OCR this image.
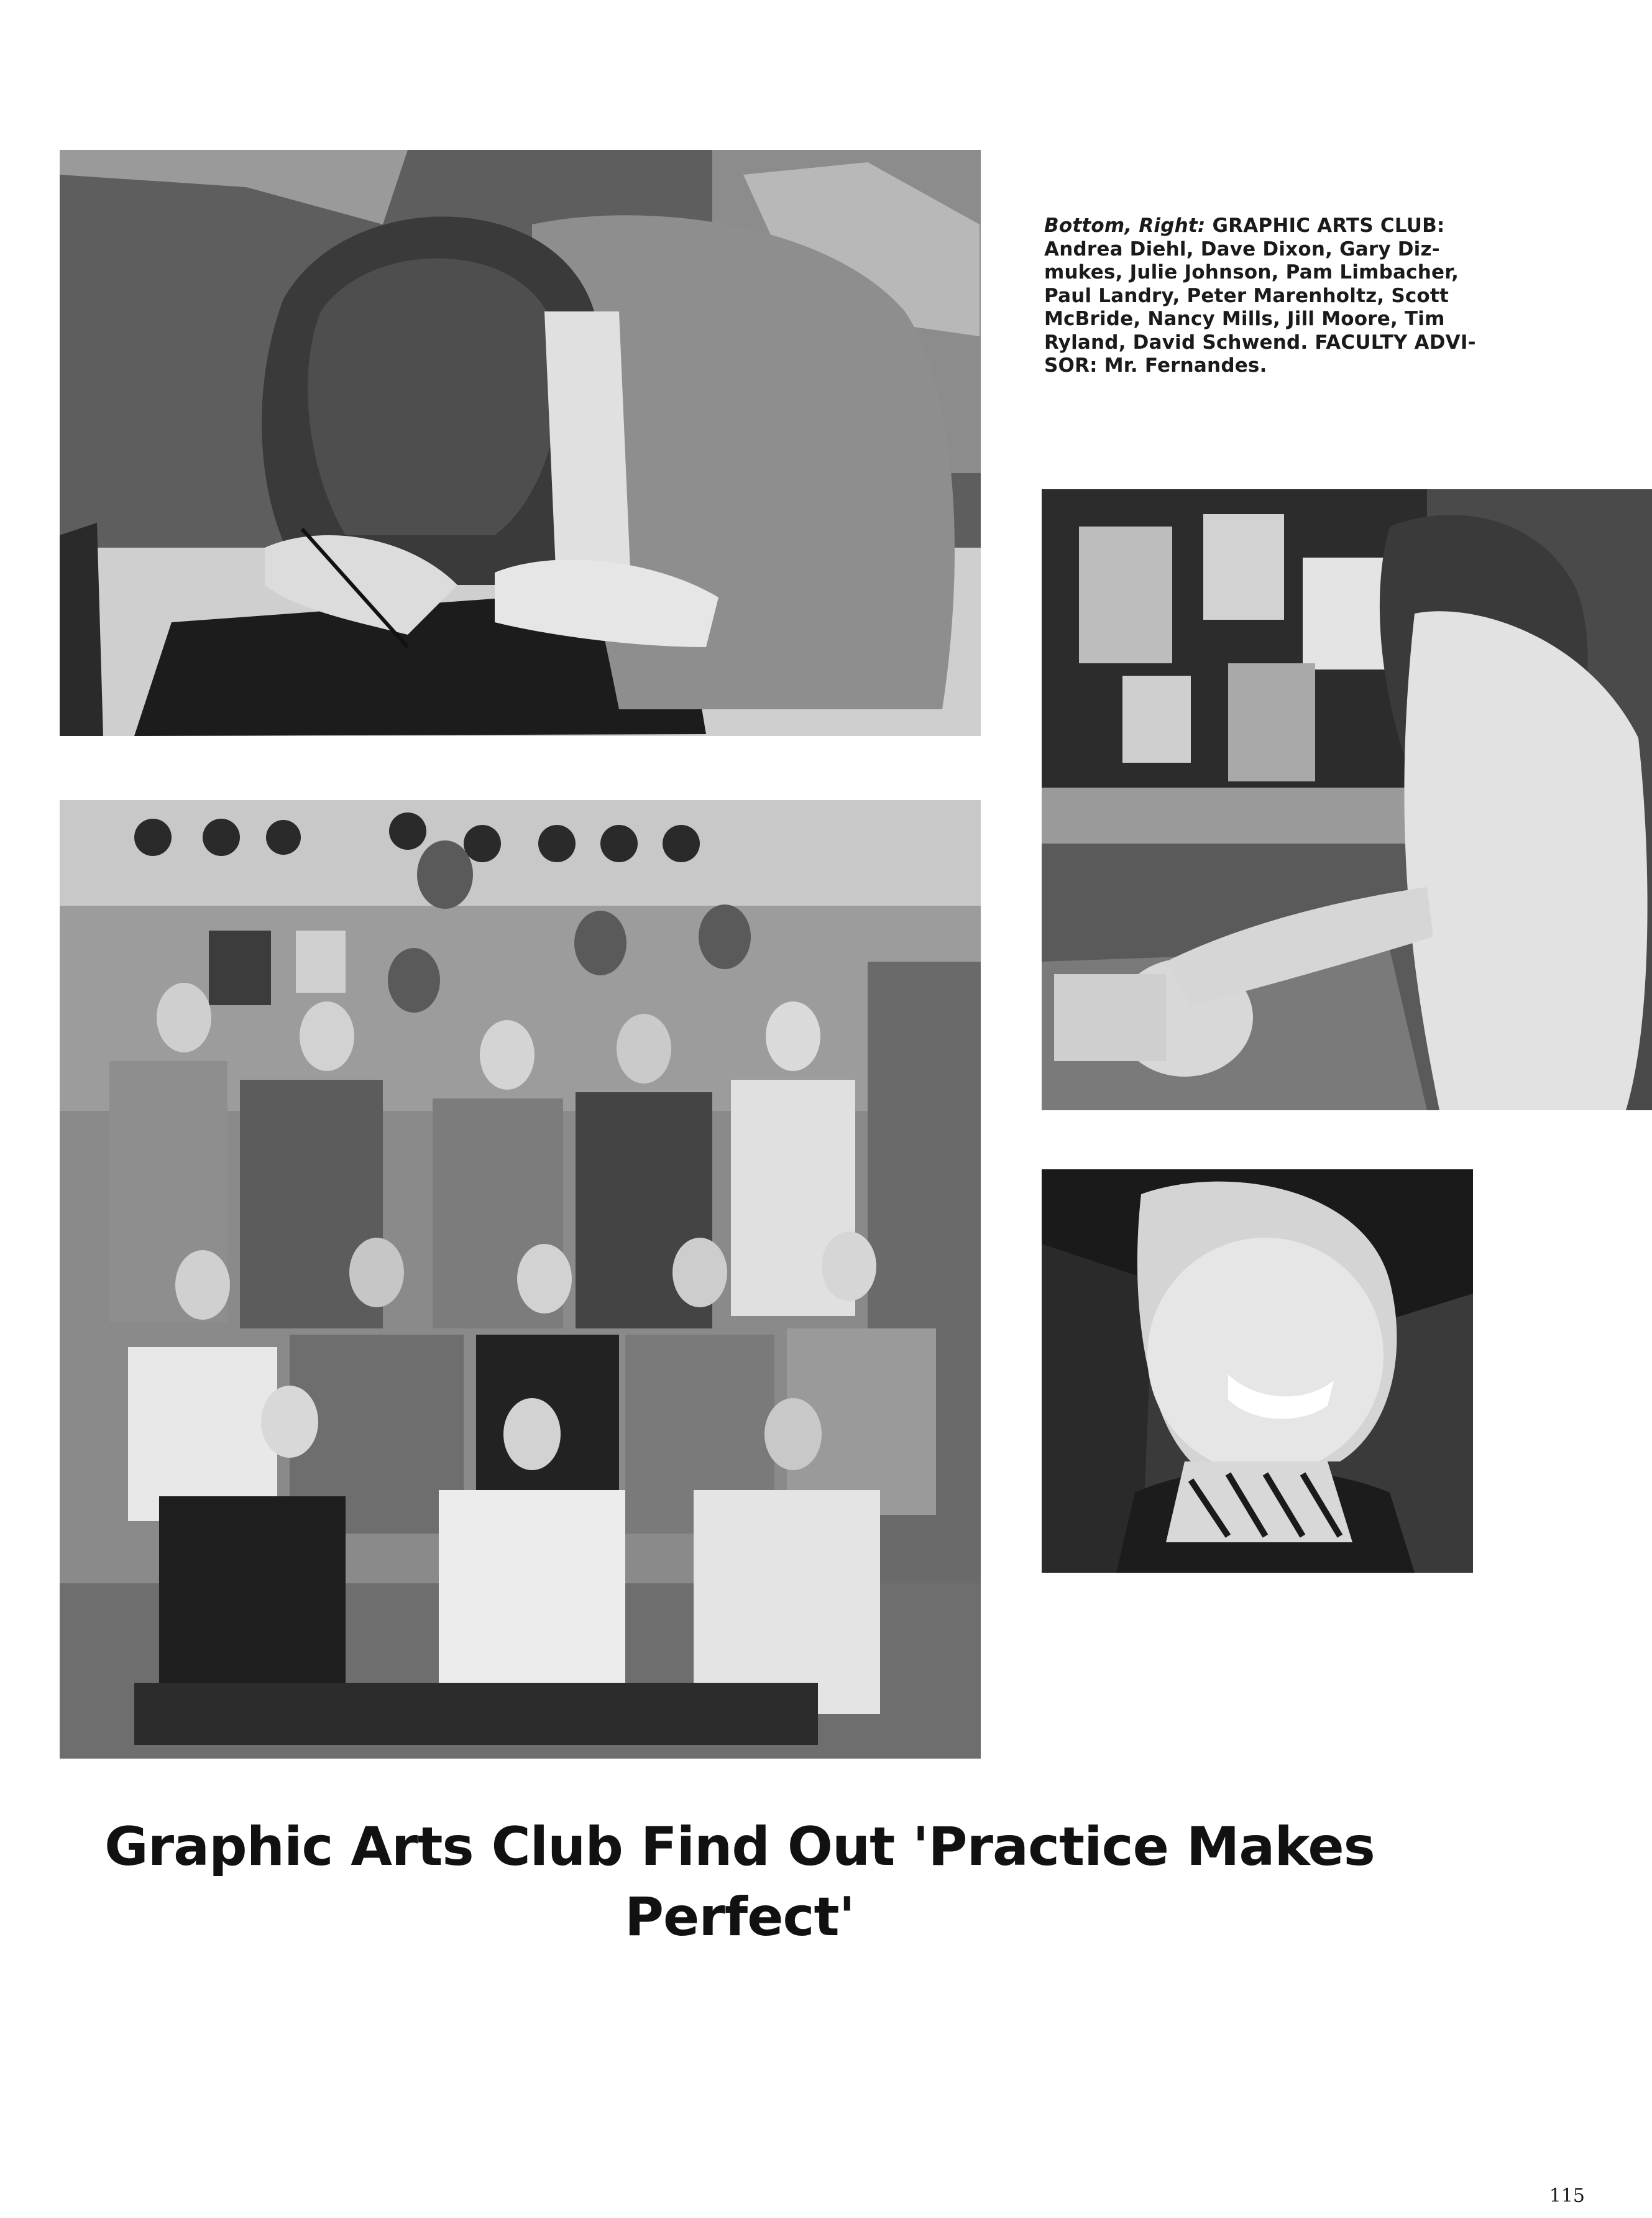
Bottom, Right: GRAPHIC ARTS CLUB:
Andrea Diehl, Dave Dixon, Gary Diz-
mukes, Julie Johnson, Pam Limbacher,
Paul Landry, Peter Marenholtz, Scott
McBride, Nancy Mills, Jill Moore, Tim
Ryland, David Schwend. FACULTY ADVI-
SOR: Mr. Fernandes.
Graphic Arts Club Find Out 'Practice Makes
Perfect'
115
